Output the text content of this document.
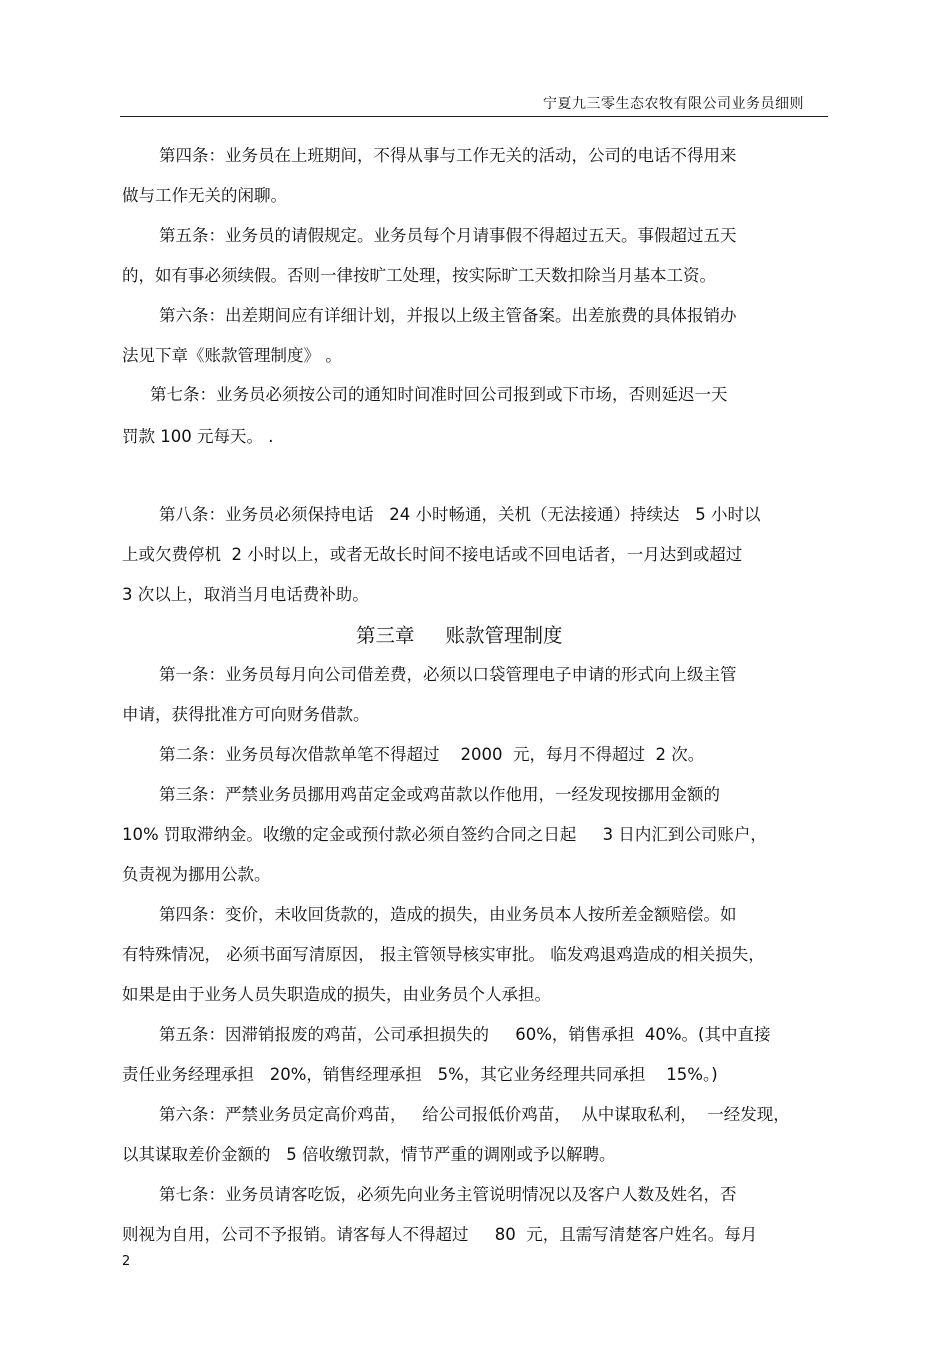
宁夏九三零生态农牧有限公司业务员细则
第四条：业务员在上班期间，不得从事与工作无关的活动，公司的电话不得用来
做与工作无关的闲聊。
第五条：业务员的请假规定。业务员每个月请事假不得超过五天。事假超过五天
的，如有事必须续假。否则一律按旷工处理，按实际旷工天数扣除当月基本工资。
第六条：出差期间应有详细计划，并报以上级主管备案。出差旅费的具体报销办
法见下章《账款管理制度》 。
第七条：业务员必须按公司的通知时间准时回公司报到或下市场，否则延迟一天
罚款 100 元每天。 .
第八条：业务员必须保持电话   24 小时畅通，关机（无法接通）持续达   5 小时以
上或欠费停机  2 小时以上，或者无故长时间不接电话或不回电话者，一月达到或超过
3 次以上，取消当月电话费补助。
第三章     账款管理制度
第一条：业务员每月向公司借差费，必须以口袋管理电子申请的形式向上级主管
申请，获得批准方可向财务借款。
第二条：业务员每次借款单笔不得超过    2000  元，每月不得超过  2 次。
第三条：严禁业务员挪用鸡苗定金或鸡苗款以作他用，一经发现按挪用金额的
10% 罚取滞纳金。收缴的定金或预付款必须自签约合同之日起     3 日内汇到公司账户，
负责视为挪用公款。
第四条：变价，未收回货款的，造成的损失，由业务员本人按所差金额赔偿。如
有特殊情况， 必须书面写清原因， 报主管领导核实审批。 临发鸡退鸡造成的相关损失，
如果是由于业务人员失职造成的损失，由业务员个人承担。
第五条：因滞销报废的鸡苗，公司承担损失的     60%，销售承担  40%。(其中直接
责任业务经理承担   20%，销售经理承担   5%，其它业务经理共同承担    15%。)
第六条：严禁业务员定高价鸡苗，   给公司报低价鸡苗，  从中谋取私利，  一经发现，
以其谋取差价金额的   5 倍收缴罚款，情节严重的调刚或予以解聘。
第七条：业务员请客吃饭，必须先向业务主管说明情况以及客户人数及姓名，否
则视为自用，公司不予报销。请客每人不得超过     80  元，且需写清楚客户姓名。每月
2
